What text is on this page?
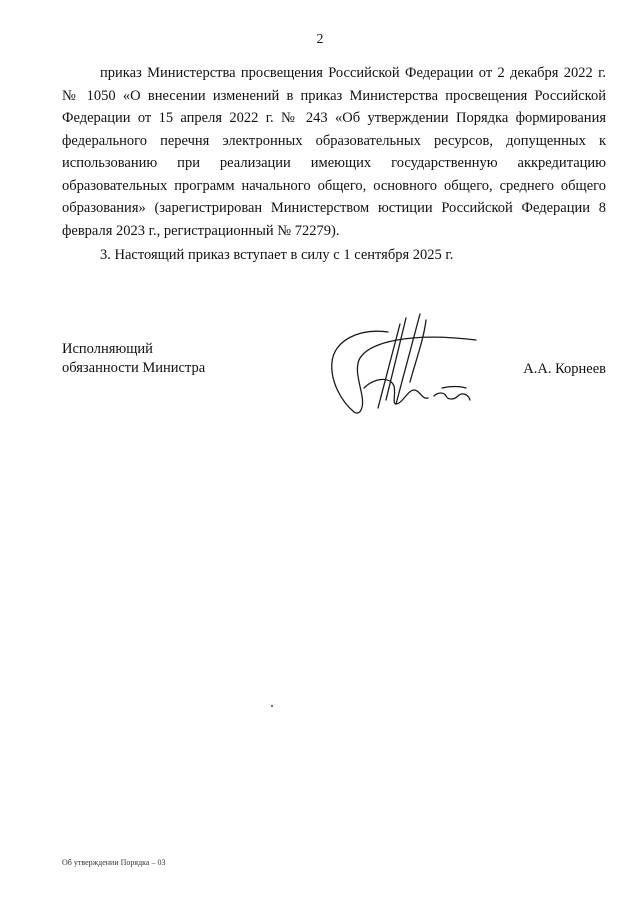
2

приказ Министерства просвещения Российской Федерации от 2 декабря 2022 г. № 1050 «О внесении изменений в приказ Министерства просвещения Российской Федерации от 15 апреля 2022 г. № 243 «Об утверждении Порядка формирования федерального перечня электронных образовательных ресурсов, допущенных к использованию при реализации имеющих государственную аккредитацию образовательных программ начального общего, основного общего, среднего общего образования» (зарегистрирован Министерством юстиции Российской Федерации 8 февраля 2023 г., регистрационный № 72279).

3. Настоящий приказ вступает в силу с 1 сентября 2025 г.

Исполняющий
обязанности Министра	А.А. Корнеев
Об утверждении Порядка – 03
